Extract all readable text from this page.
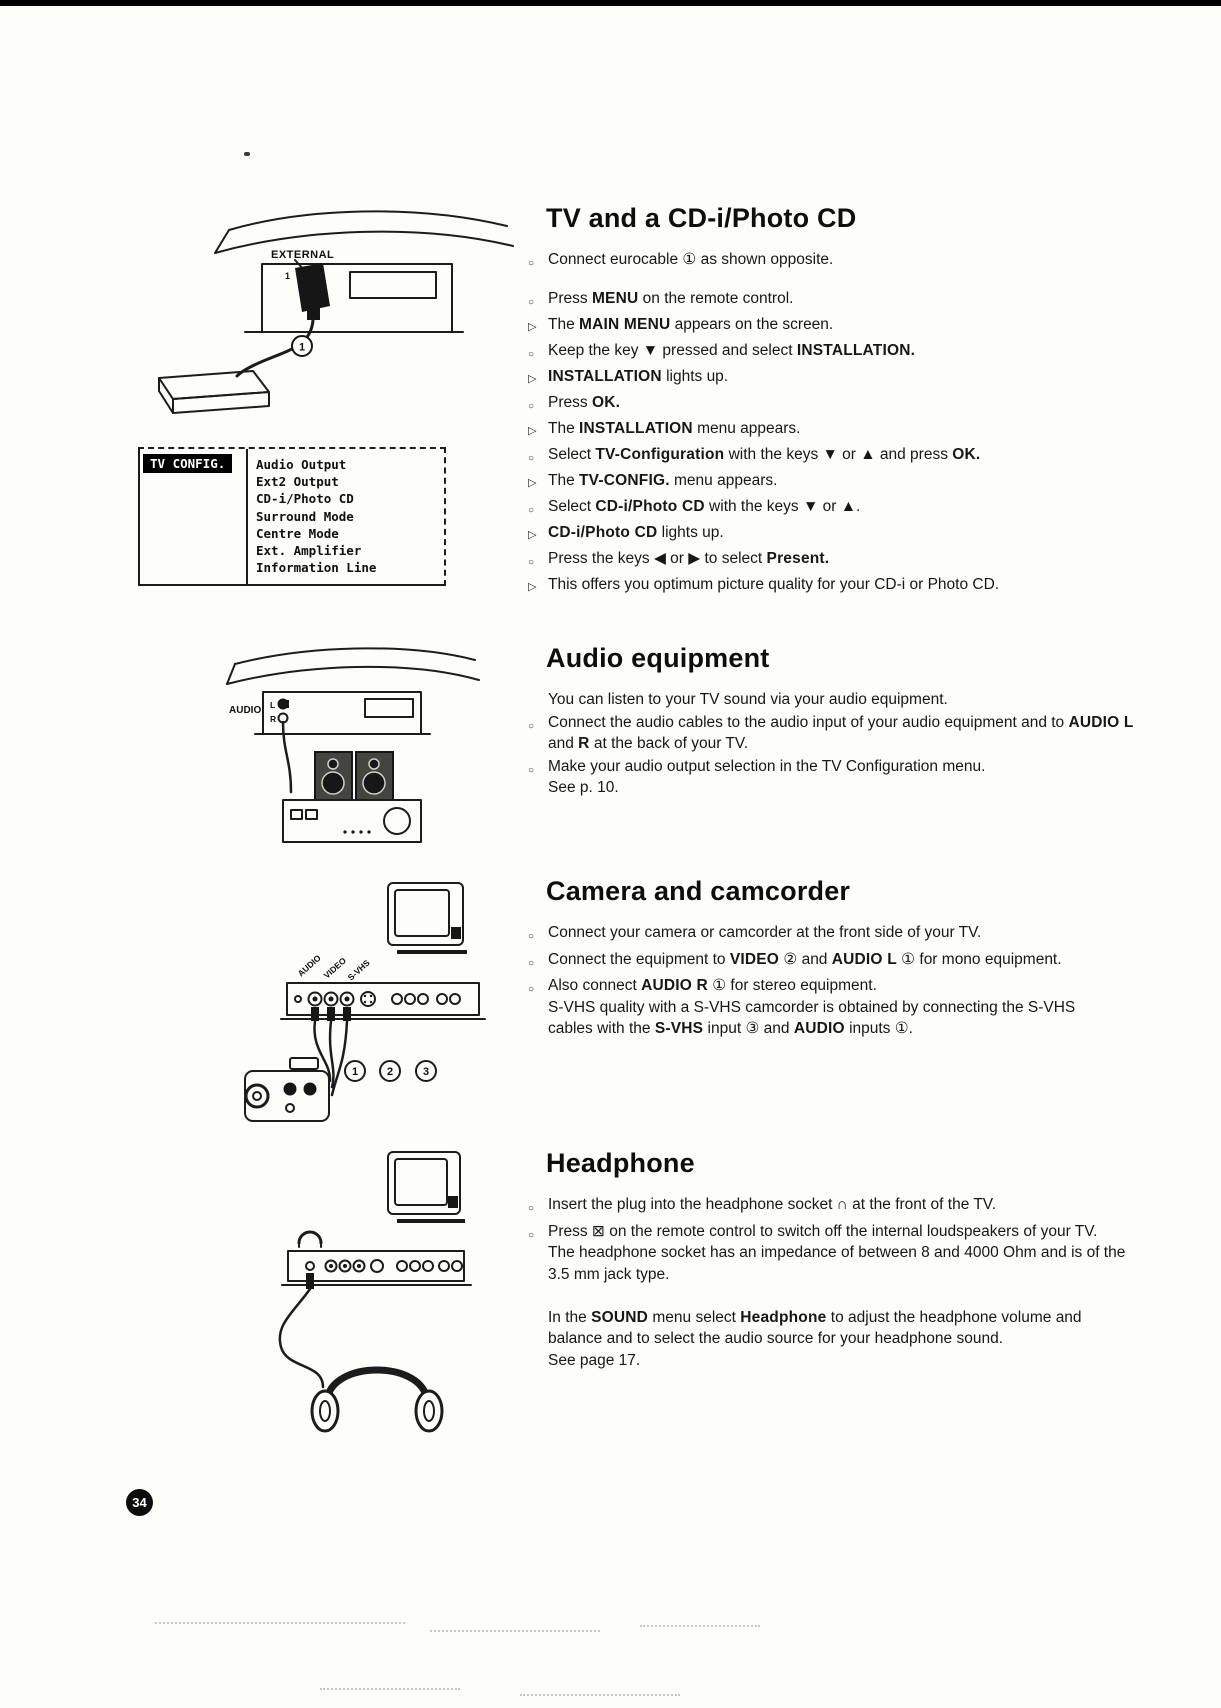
1
EXTERNAL
1
TV CONFIG.	Audio Output
Ext2 Output
CD-i/Photo CD
Surround Mode
Centre Mode
Ext. Amplifier
Information Line
AUDIO L
R
AUDIO
VIDEO
S-VHS
1	2	3
TV and a CD-i/Photo CD
○ Connect eurocable ① as shown opposite.
○ Press MENU on the remote control.
▷ The MAIN MENU appears on the screen.
○ Keep the key ▼ pressed and select INSTALLATION.
▷ INSTALLATION lights up.
○ Press OK.
▷ The INSTALLATION menu appears.
○ Select TV-Configuration with the keys ▼ or ▲ and press OK.
▷ The TV-CONFIG. menu appears.
○ Select CD-i/Photo CD with the keys ▼ or ▲.
▷ CD-i/Photo CD lights up.
○ Press the keys ◀ or ▶ to select Present.
▷ This offers you optimum picture quality for your CD-i or Photo CD.
Audio equipment
You can listen to your TV sound via your audio equipment.
○ Connect the audio cables to the audio input of your audio equipment and to AUDIO L and R at the back of your TV.
○ Make your audio output selection in the TV Configuration menu.
See p. 10.
Camera and camcorder
○ Connect your camera or camcorder at the front side of your TV.
○ Connect the equipment to VIDEO ② and AUDIO L ① for mono equipment.
○ Also connect AUDIO R ① for stereo equipment.
S-VHS quality with a S-VHS camcorder is obtained by connecting the S-VHS cables with the S-VHS input ③ and AUDIO inputs ①.
Headphone
○ Insert the plug into the headphone socket ∩ at the front of the TV.
○ Press ⊠ on the remote control to switch off the internal loudspeakers of your TV.
The headphone socket has an impedance of between 8 and 4000 Ohm and is of the 3.5 mm jack type.

In the SOUND menu select Headphone to adjust the headphone volume and balance and to select the audio source for your headphone sound.
See page 17.
34
